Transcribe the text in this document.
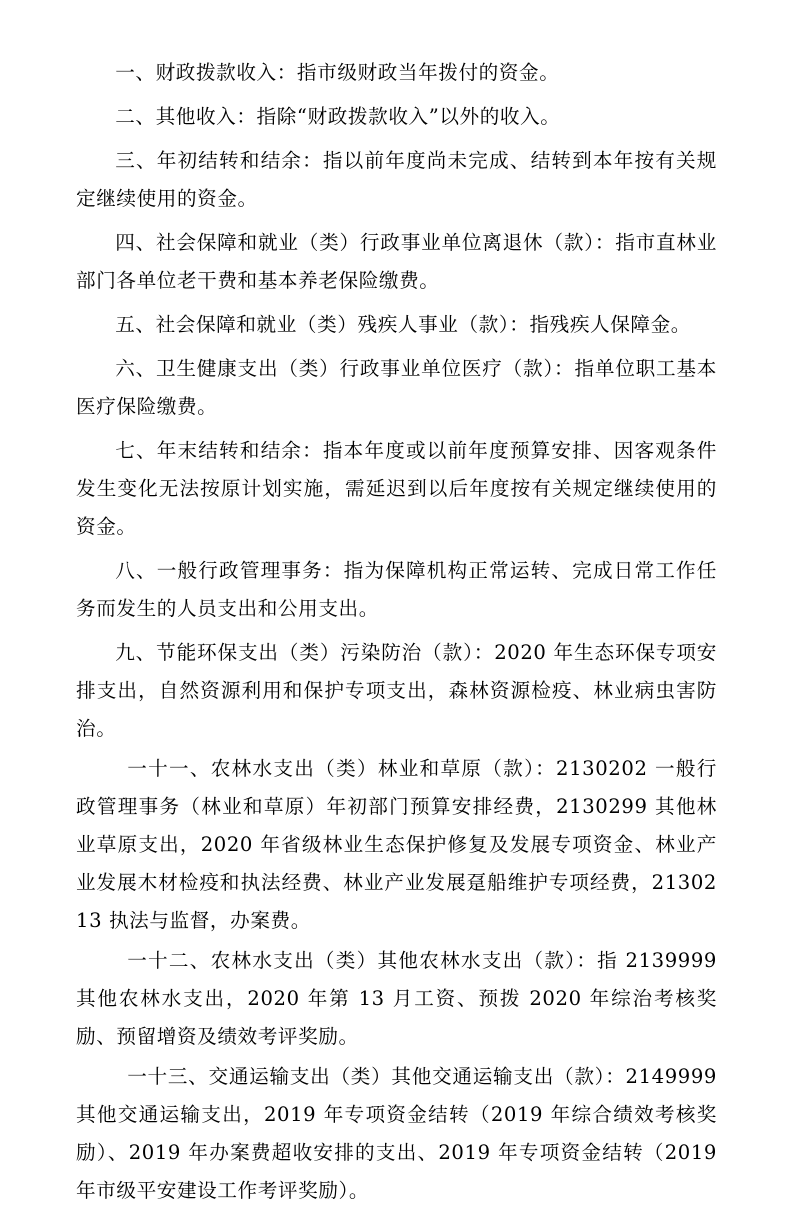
一、财政拨款收入：指市级财政当年拨付的资金。

二、其他收入：指除“财政拨款收入”以外的收入。

三、年初结转和结余：指以前年度尚未完成、结转到本年按有关规定继续使用的资金。

四、社会保障和就业（类）行政事业单位离退休（款）：指市直林业部门各单位老干费和基本养老保险缴费。

五、社会保障和就业（类）残疾人事业（款）：指残疾人保障金。

六、卫生健康支出（类）行政事业单位医疗（款）：指单位职工基本医疗保险缴费。

七、年末结转和结余：指本年度或以前年度预算安排、因客观条件发生变化无法按原计划实施，需延迟到以后年度按有关规定继续使用的资金。

八、一般行政管理事务：指为保障机构正常运转、完成日常工作任务而发生的人员支出和公用支出。

九、节能环保支出（类）污染防治（款）：2020 年生态环保专项安排支出，自然资源利用和保护专项支出，森林资源检疫、林业病虫害防治。

一十一、农林水支出（类）林业和草原（款）：2130202 一般行政管理事务（林业和草原）年初部门预算安排经费，2130299 其他林业草原支出，2020 年省级林业生态保护修复及发展专项资金、林业产业发展木材检疫和执法经费、林业产业发展趸船维护专项经费，2130213 执法与监督，办案费。

一十二、农林水支出（类）其他农林水支出（款）：指 2139999 其他农林水支出，2020 年第 13 月工资、预拨 2020 年综治考核奖励、预留增资及绩效考评奖励。

一十三、交通运输支出（类）其他交通运输支出（款）：2149999 其他交通运输支出，2019 年专项资金结转（2019 年综合绩效考核奖励）、2019 年办案费超收安排的支出、2019 年专项资金结转（2019 年市级平安建设工作考评奖励）。
